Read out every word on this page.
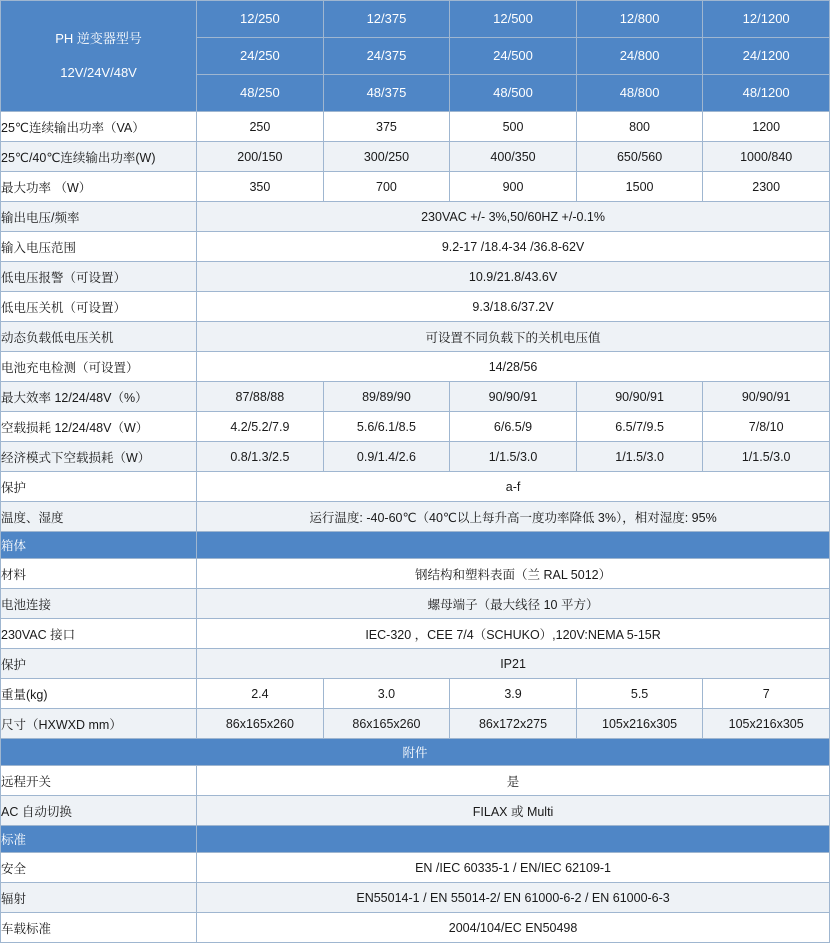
PH 逆变器型号
12V/24V/48V	12/250	12/375	12/500	12/800	12/1200
	24/250	24/375	24/500	24/800	24/1200
	48/250	48/375	48/500	48/800	48/1200
25℃连续输出功率（VA）	250	375	500	800	1200
25℃/40℃连续输出功率(W)	200/150	300/250	400/350	650/560	1000/840
最大功率 （W）	350	700	900	1500	2300
输出电压/频率	230VAC +/- 3%,50/60HZ +/-0.1%				
输入电压范围	9.2-17 /18.4-34 /36.8-62V				
低电压报警（可设置）	10.9/21.8/43.6V				
低电压关机（可设置）	9.3/18.6/37.2V				
动态负载低电压关机	可设置不同负载下的关机电压值				
电池充电检测（可设置）	14/28/56				
最大效率 12/24/48V（%）	87/88/88	89/89/90	90/90/91	90/90/91	90/90/91
空载损耗 12/24/48V（W）	4.2/5.2/7.9	5.6/6.1/8.5	6/6.5/9	6.5/7/9.5	7/8/10
经济模式下空载损耗（W）	0.8/1.3/2.5	0.9/1.4/2.6	1/1.5/3.0	1/1.5/3.0	1/1.5/3.0
保护	a-f				
温度、湿度	运行温度: -40-60℃（40℃以上每升高一度功率降低 3%），相对湿度: 95%				
箱体					
材料	钢结构和塑料表面（兰 RAL 5012）				
电池连接	螺母端子（最大线径 10 平方）				
230VAC 接口	IEC-320 ，CEE 7/4（SCHUKO）,120V:NEMA 5-15R				
保护	IP21				
重量(kg)	2.4	3.0	3.9	5.5	7
尺寸（HXWXD mm）	86x165x260	86x165x260	86x172x275	105x216x305	105x216x305
附件					
远程开关	是				
AC 自动切换	FILAX 或 Multi				
标准					
安全	EN /IEC 60335-1 / EN/IEC 62109-1				
辐射	EN55014-1 / EN 55014-2/ EN 61000-6-2 / EN 61000-6-3				
车载标准	2004/104/EC EN50498				
